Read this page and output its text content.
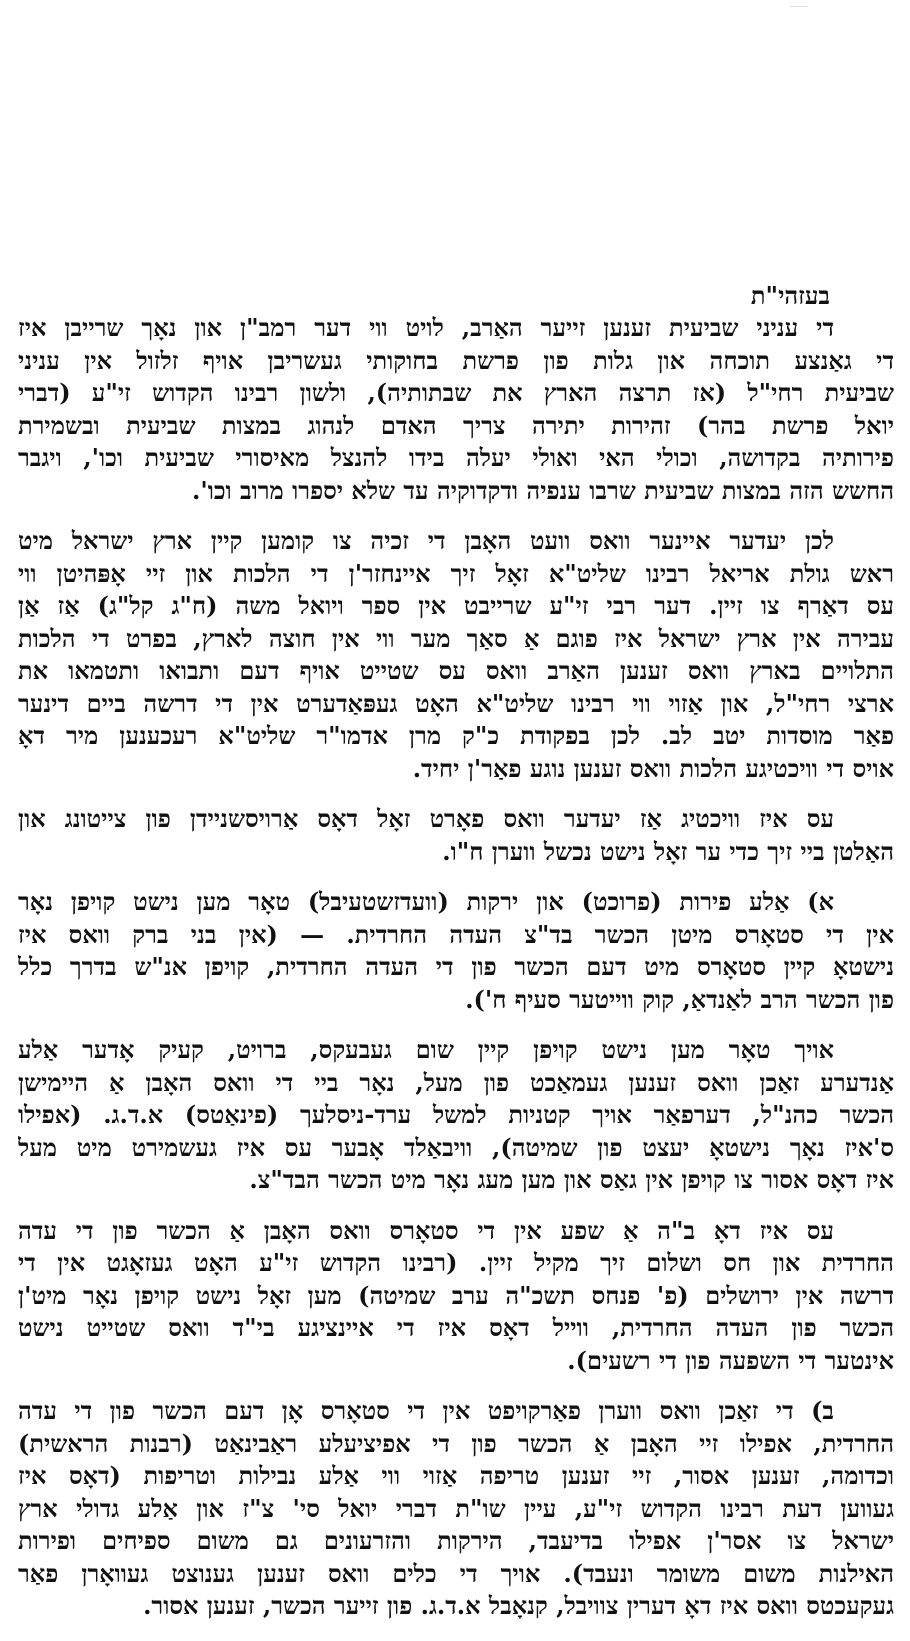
בעזהי"ת
די עניני שביעית זענען זייער האַרב, לויט ווי דער רמב"ן און נאָך שרייבן איז
די גאַנצע תוכחה און גלות פון פרשת בחוקותי געשריבן אויף זלזול אין עניני
שביעית רחי"ל (אז תרצה הארץ את שבתותיה), ולשון רבינו הקדוש זי"ע (דברי
יואל פרשת בהר) זהירות יתירה צריך האדם לנהוג במצות שביעית ובשמירת
פירותיה בקדושה, וכולי האי ואולי יעלה בידו להנצל מאיסורי שביעית וכו', ויגבר
החשש הזה במצות שביעית שרבו ענפיה ודקדוקיה עד שלא יספרו מרוב וכו'.
לכן יעדער איינער וואס וועט האָבן די זכיה צו קומען קיין ארץ ישראל מיט
ראש גולת אריאל רבינו שליט"א זאָל זיך איינחזר'ן די הלכות און זיי אָפּהיטן ווי
עס דאַרף צו זיין. דער רבי זי"ע שרייבט אין ספר ויואל משה (ח"ג קל"ג) אַז אַן
עבירה אין ארץ ישראל איז פוגם אַ סאַך מער ווי אין חוצה לארץ, בפרט די הלכות
התלויים בארץ וואס זענען האַרב וואס עס שטייט אויף דעם ותבואו ותטמאו את
ארצי רחי"ל, און אַזוי ווי רבינו שליט"א האָט געפּאַדערט אין די דרשה ביים דינער
פאַר מוסדות יטב לב. לכן בפקודת כ"ק מרן אדמו"ר שליט"א רעכענען מיר דאָ
אויס די וויכטיגע הלכות וואס זענען נוגע פאַר'ן יחיד.
עס איז וויכטיג אַז יעדער וואס פאָרט זאָל דאָס אַרויסשניידן פון צייטונג און
האַלטן ביי זיך כדי ער זאָל נישט נכשל ווערן ח"ו.
א) אַלע פירות (פרוכט) און ירקות (וועדזשטעיבל) טאָר מען נישט קויפן נאָר
אין די סטאָרס מיטן הכשר בד"צ העדה החרדית. — (אין בני ברק וואס איז
נישטאָ קיין סטאָרס מיט דעם הכשר פון די העדה החרדית, קויפן אנ"ש בדרך כלל
פון הכשר הרב לאַנדאַ, קוק ווייטער סעיף ח').
אויך טאָר מען נישט קויפן קיין שום געבעקס, ברויט, קעיק אָדער אַלע
אַנדערע זאַכן וואס זענען געמאַכט פון מעל, נאָר ביי די וואס האָבן אַ היימישן
הכשר כהנ"ל, דערפאַר אויך קטניות למשל ערד-ניסלעך (פינאַטס) א.ד.ג. (אפילו
ס'איז נאָך נישטאָ יעצט פון שמיטה), וויבאַלד אָבער עס איז געשמירט מיט מעל
איז דאָס אסור צו קויפן אין גאַס און מען מעג נאָר מיט הכשר הבד"צ.
עס איז דאָ ב"ה אַ שפע אין די סטאָרס וואס האָבן אַ הכשר פון די עדה
החרדית און חס ושלום זיך מקיל זיין. (רבינו הקדוש זי"ע האָט געזאָגט אין די
דרשה אין ירושלים (פ' פנחס תשכ"ה ערב שמיטה) מען זאָל נישט קויפן נאָר מיט'ן
הכשר פון העדה החרדית, ווייל דאָס איז די איינציגע בי"ד וואס שטייט נישט
אינטער די השפעה פון די רשעים).
ב) די זאַכן וואס ווערן פאַרקויפט אין די סטאָרס אָן דעם הכשר פון די עדה
החרדית, אפילו זיי האָבן אַ הכשר פון די אפיציעלע ראַבינאַט (רבנות הראשית)
וכדומה, זענען אסור, זיי זענען טריפה אַזוי ווי אַלע נבילות וטריפות (דאָס איז
געווען דעת רבינו הקדוש זי"ע, עיין שו"ת דברי יואל סי' צ"ז און אַלע גדולי ארץ
ישראל צו אסר'ן אפילו בדיעבד, הירקות והזרעונים גם משום ספיחים ופירות
האילנות משום משומר ונעבד). אויך די כלים וואס זענען גענוצט געוואָרן פאַר
געקעכטס וואס איז דאָ דערין צוויבל, קנאָבל א.ד.ג. פון זייער הכשר, זענען אסור.
